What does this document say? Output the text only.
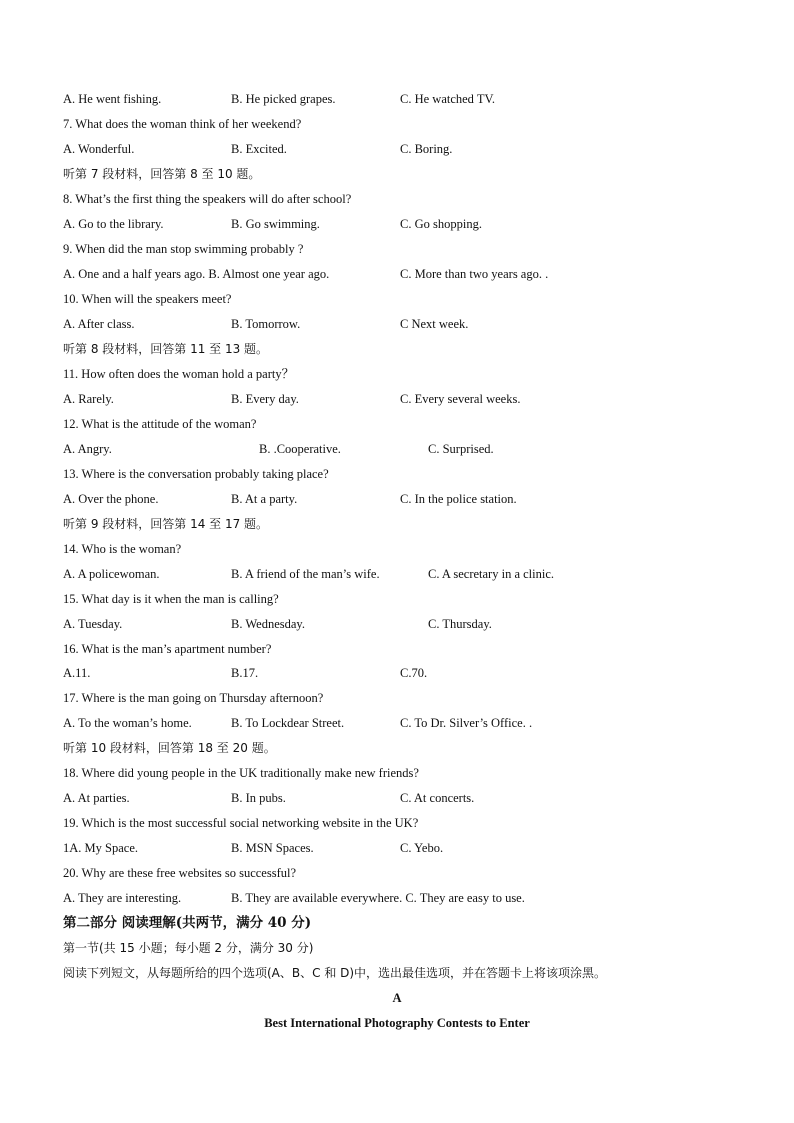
A. He went fishing.	B. He picked grapes.	C. He watched TV.
7. What does the woman think of her weekend?
A. Wonderful.	B. Excited.	C. Boring.
听第 7 段材料，回答第 8 至 10 题。
8. What’s the first thing the speakers will do after school?
A. Go to the library.	B. Go swimming.	C. Go shopping.
9. When did the man stop swimming probably ?
A. One and a half years ago. B. Almost one year ago.	C. More than two years ago. .
10. When will the speakers meet?
A. After class.	B. Tomorrow.	C Next week.
听第 8 段材料，回答第 11 至 13 题。
11. How often does the woman hold a party？
A. Rarely.	B. Every day.	C. Every several weeks.
12. What is the attitude of the woman?
A. Angry.	B. .Cooperative.	C. Surprised.
13. Where is the conversation probably taking place?
A. Over the phone.	B. At a party.	C. In the police station.
听第 9 段材料，回答第 14 至 17 题。
14. Who is the woman?
A. A policewoman.	B. A friend of the man’s wife.	C. A secretary in a clinic.
15. What day is it when the man is calling?
A. Tuesday.	B. Wednesday.	C. Thursday.
16. What is the man’s apartment number?
A.11.	B.17.	C.70.
17. Where is the man going on Thursday afternoon?
A. To the woman’s home.	B. To Lockdear Street.	C. To Dr. Silver’s Office. .
听第 10 段材料，回答第 18 至 20 题。
18. Where did young people in the UK traditionally make new friends?
A. At parties.	B. In pubs.	C. At concerts.
19. Which is the most successful social networking website in the UK?
1A. My Space.	B. MSN Spaces.	C. Yebo.
20. Why are these free websites so successful?
A. They are interesting.	B. They are available everywhere. C. They are easy to use.
第二部分 阅读理解(共两节，满分 40 分)
第一节(共 15 小题；每小题 2 分，满分 30 分)
阅读下列短文，从每题所给的四个选项(A、B、C 和 D)中，选出最佳选项，并在答题卡上将该项涂黑。
A
Best International Photography Contests to Enter
